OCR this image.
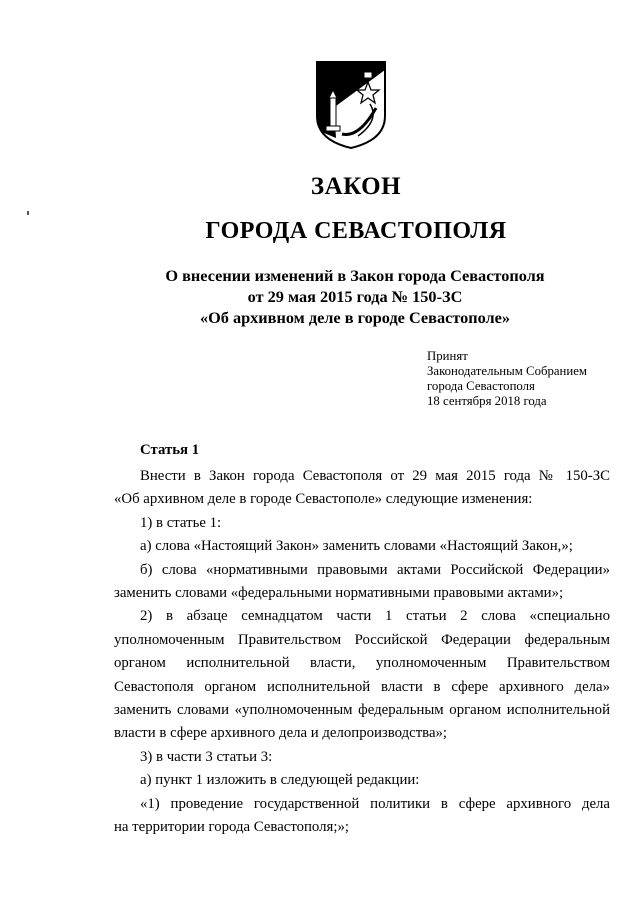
ЗАКОН
ГОРОДА СЕВАСТОПОЛЯ
О внесении изменений в Закон города Севастополя
от 29 мая 2015 года № 150-ЗС
«Об архивном деле в городе Севастополе»
Принят
Законодательным Собранием
города Севастополя
18 сентября 2018 года
Статья 1

Внести в Закон города Севастополя от 29 мая 2015 года № 150-ЗС

«Об архивном деле в городе Севастополе» следующие изменения:

1) в статье 1:

а) слова «Настоящий Закон» заменить словами «Настоящий Закон,»;

б) слова «нормативными правовыми актами Российской Федерации»

заменить словами «федеральными нормативными правовыми актами»;

2) в абзаце семнадцатом части 1 статьи 2 слова «специально

уполномоченным Правительством Российской Федерации федеральным

органом исполнительной власти, уполномоченным Правительством

Севастополя органом исполнительной власти в сфере архивного дела»

заменить словами «уполномоченным федеральным органом исполнительной

власти в сфере архивного дела и делопроизводства»;

3) в части 3 статьи 3:

а) пункт 1 изложить в следующей редакции:

«1) проведение государственной политики в сфере архивного дела

на территории города Севастополя;»;
